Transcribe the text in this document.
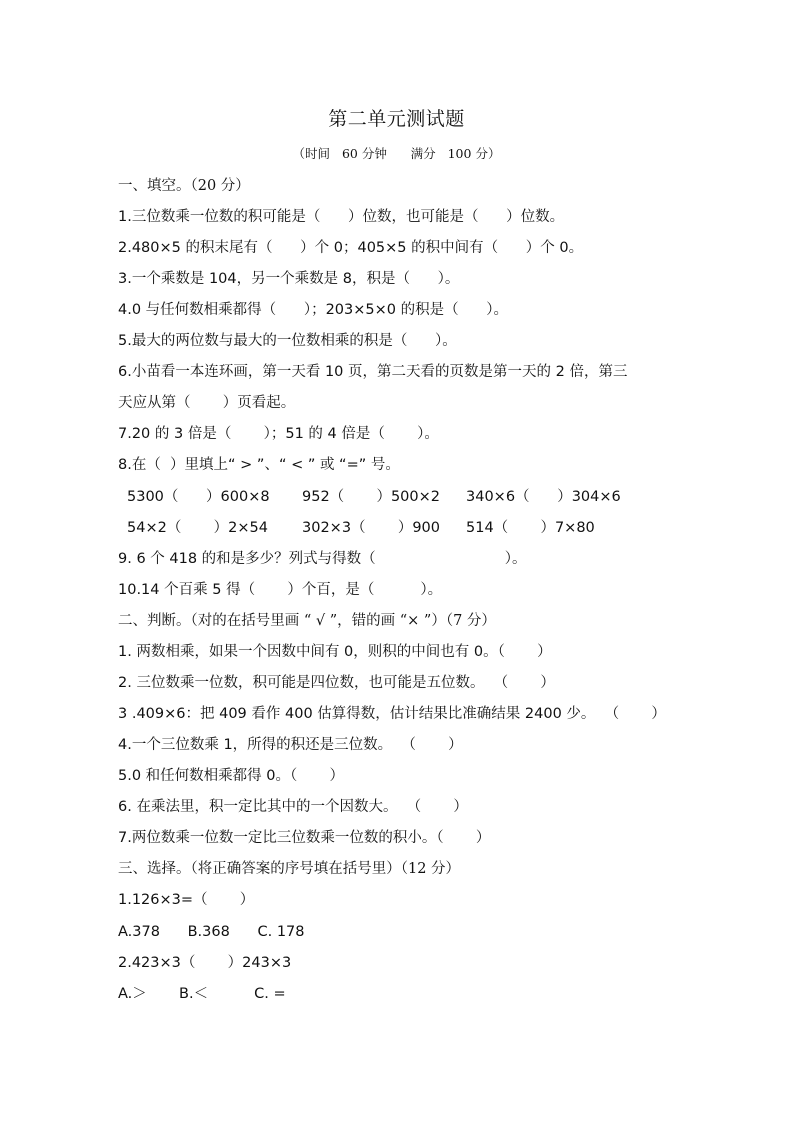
第二单元测试题
（时间   60 分钟      满分   100 分）
一、填空。（20 分）
1.三位数乘一位数的积可能是（      ）位数，也可能是（      ）位数。
2.480×5 的积末尾有（      ）个 0；405×5 的积中间有（      ）个 0。
3.一个乘数是 104，另一个乘数是 8，积是（      ）。
4.0 与任何数相乘都得（      ）；203×5×0 的积是（      ）。
5.最大的两位数与最大的一位数相乘的积是（      ）。
6.小苗看一本连环画，第一天看 10 页，第二天看的页数是第一天的 2 倍，第三
天应从第（       ）页看起。
7.20 的 3 倍是（       ）；51 的 4 倍是（       ）。
8.在（  ）里填上“ > ”、“ < ” 或 “=” 号。
5300（      ）600×8 952（       ）500×2 340×6（      ）304×6
54×2（       ）2×54 302×3（       ）900 514（       ）7×80
9. 6 个 418 的和是多少？列式与得数（                            ）。
10.14 个百乘 5 得（       ）个百，是（          ）。
二、判断。（对的在括号里画 “ √ ”，错的画 “× ”）（7 分）
1. 两数相乘，如果一个因数中间有 0，则积的中间也有 0。（       ）
2. 三位数乘一位数，积可能是四位数，也可能是五位数。  （       ）
3 .409×6：把 409 看作 400 估算得数，估计结果比准确结果 2400 少。  （       ）
4.一个三位数乘 1，所得的积还是三位数。  （       ）
5.0 和任何数相乘都得 0。（       ）
6. 在乘法里，积一定比其中的一个因数大。  （       ）
7.两位数乘一位数一定比三位数乘一位数的积小。（       ）
三、选择。（将正确答案的序号填在括号里）（12 分）
1.126×3=（       ）
A.378      B.368      C. 178
2.423×3（       ）243×3
A.＞       B.＜          C. =
